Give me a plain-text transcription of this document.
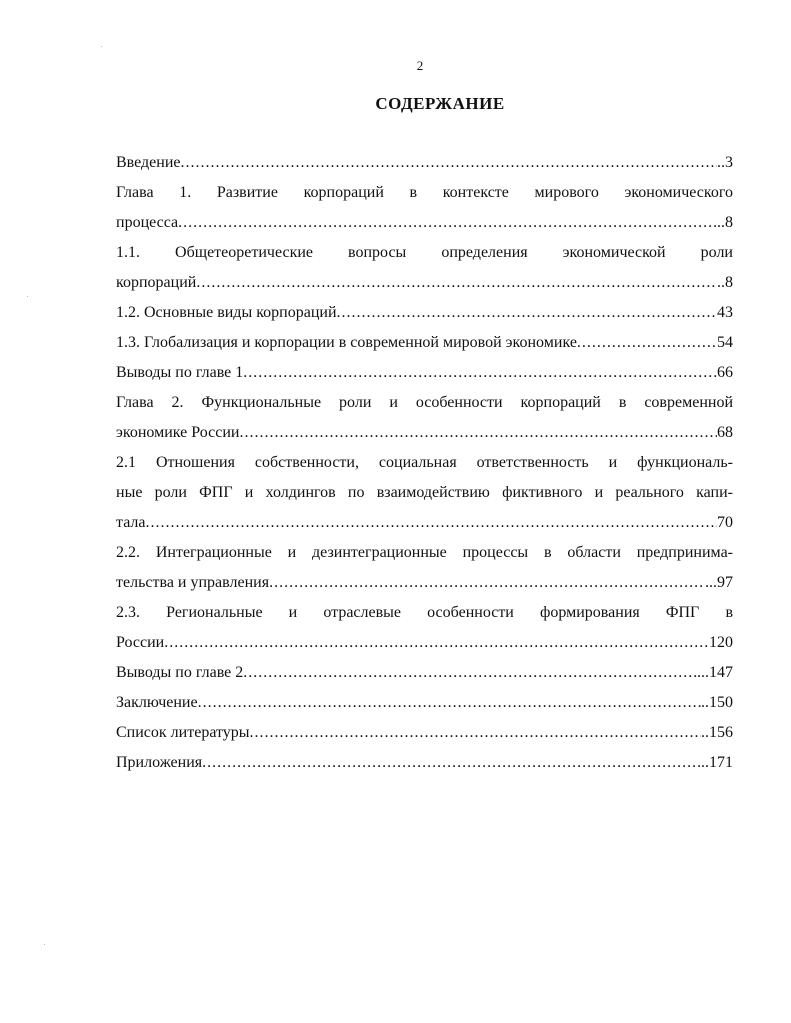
2
СОДЕРЖАНИЕ
Введение .....	..3
Глава 1. Развитие корпораций в контексте мирового экономического
процесса .....	..8
1.1. Общетеоретические вопросы определения экономической роли
корпораций .....	..8
1.2. Основные виды корпораций .....	43
1.3. Глобализация и корпорации в современной мировой экономике .....	54
Выводы по главе 1 .....	66
Глава 2. Функциональные роли и особенности корпораций в современной
экономике России .....	68
2.1 Отношения собственности, социальная ответственность и функциональ-
ные роли ФПГ и холдингов по взаимодействию фиктивного и реального капи-
тала .....	70
2.2. Интеграционные и дезинтеграционные процессы в области предпринима-
тельства и управления .....	...97
2.3. Региональные и отраслевые особенности формирования ФПГ в
России .....	120
Выводы по главе 2 .....	...147
Заключение .....	..150
Список литературы .....	..156
Приложения .....	..171
